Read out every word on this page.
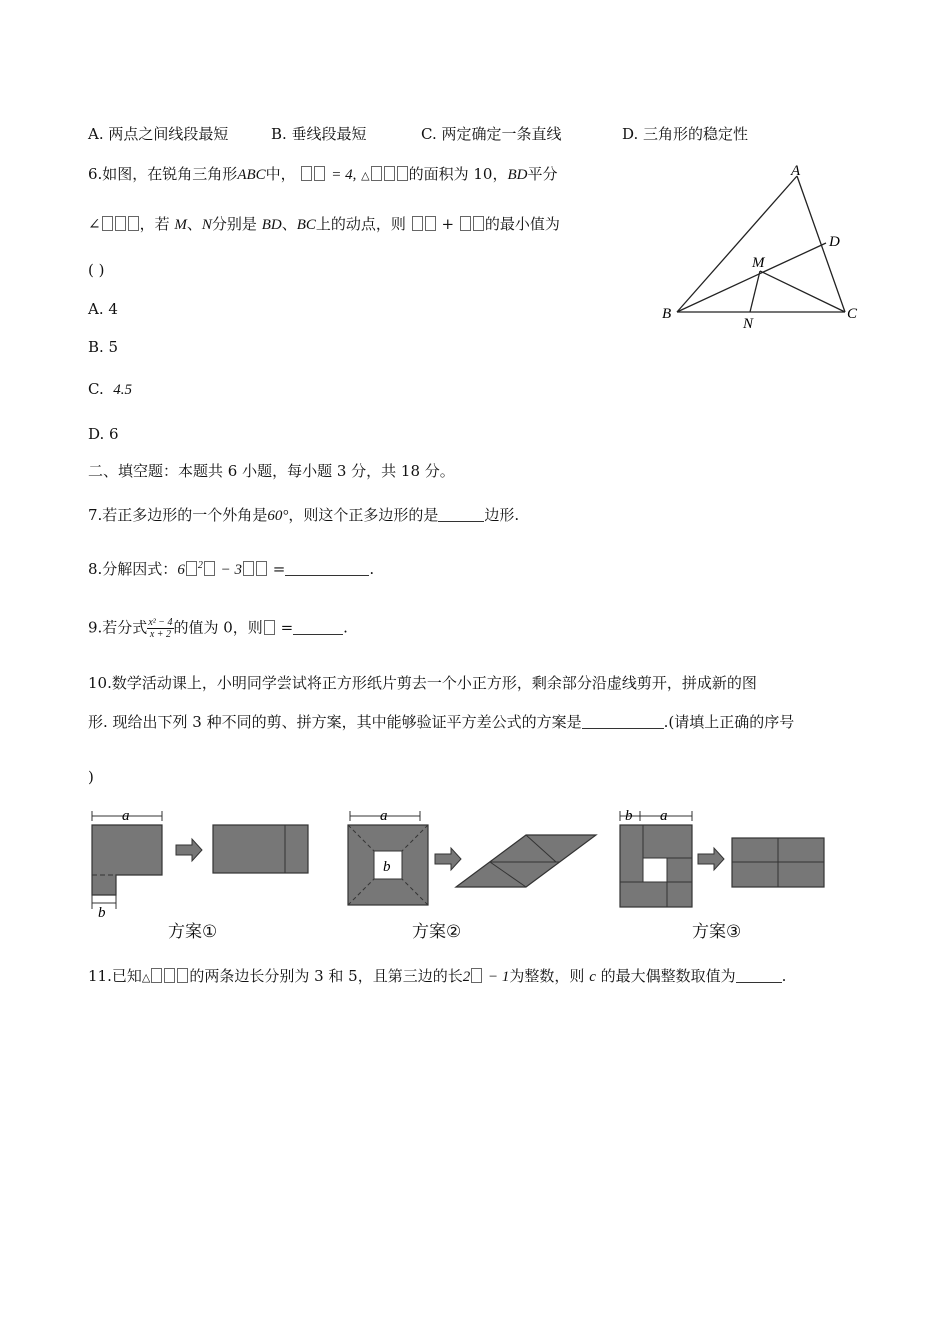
A. 两点之间线段最短	B. 垂线段最短	C. 两定确定一条直线	D. 三角形的稳定性
6.如图，在锐角三角形ABC中， = 4, △	的面积为 10，BD平分
∠	，若 M、N分别是 BD、BC上的动点，则 + 的最小值为
( )
A. 4
B. 5
C. 4.5
D. 6
A
B	C
D
M
N
二、填空题：本题共 6 小题，每小题 3 分，共 18 分。
7.若正多边形的一个外角是60°，则这个正多边形的是	边形.
8.分解因式：6 $^2$ − 3 =	.
9.若分式 $\frac{\text{x² − 4}}{x + 2}$ 的值为 0，则 =	.
10.数学活动课上，小明同学尝试将正方形纸片剪去一个小正方形，剩余部分沿虚线剪开，拼成新的图
形. 现给出下列 3 种不同的剪、拼方案，其中能够验证平方差公式的方案是	.(请填上正确的序号
)
a
b
a
b
b a
方案①	方案②	方案③
11.已知△	的两条边长分别为 3 和 5，且第三边的长2 − 1为整数，则 c 的最大偶整数取值为	.
